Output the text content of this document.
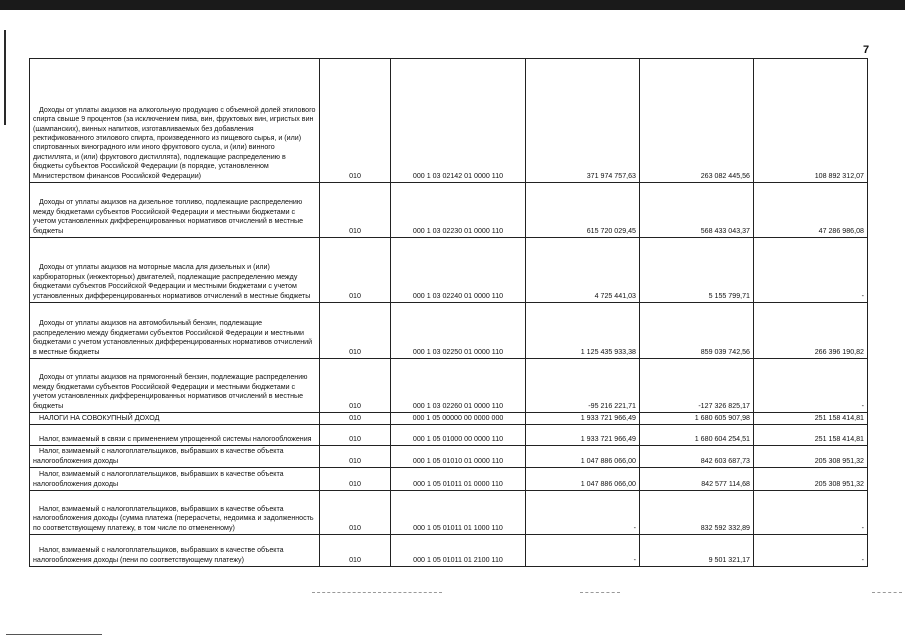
7
Доходы от уплаты акцизов на алкогольную продукцию с объемной долей этилового спирта свыше 9 процентов (за исключением пива, вин, фруктовых вин, игристых вин (шампанских), винных напитков, изготавливаемых без добавления ректификованного этилового спирта, произведенного из пищевого сырья, и (или) спиртованных виноградного или иного фруктового сусла, и (или) винного дистиллята, и (или) фруктового дистиллята), подлежащие распределению в бюджеты субъектов Российской Федерации (в порядке, установленном Министерством финансов Российской Федерации)	010	000 1 03 02142 01 0000 110	371 974 757,63	263 082 445,56	108 892 312,07
Доходы от уплаты акцизов на дизельное топливо, подлежащие распределению между бюджетами субъектов Российской Федерации и местными бюджетами с учетом установленных дифференцированных нормативов отчислений в местные бюджеты	010	000 1 03 02230 01 0000 110	615 720 029,45	568 433 043,37	47 286 986,08
Доходы от уплаты акцизов на моторные масла для дизельных и (или) карбюраторных (инжекторных) двигателей, подлежащие распределению между бюджетами субъектов Российской Федерации и местными бюджетами с учетом установленных дифференцированных нормативов отчислений в местные бюджеты	010	000 1 03 02240 01 0000 110	4 725 441,03	5 155 799,71	-
Доходы от уплаты акцизов на автомобильный бензин, подлежащие распределению между бюджетами субъектов Российской Федерации и местными бюджетами с учетом установленных дифференцированных нормативов отчислений в местные бюджеты	010	000 1 03 02250 01 0000 110	1 125 435 933,38	859 039 742,56	266 396 190,82
Доходы от уплаты акцизов на прямогонный бензин, подлежащие распределению между бюджетами субъектов Российской Федерации и местными бюджетами с учетом установленных дифференцированных нормативов отчислений в местные бюджеты	010	000 1 03 02260 01 0000 110	-95 216 221,71	-127 326 825,17	-
НАЛОГИ НА СОВОКУПНЫЙ ДОХОД	010	000 1 05 00000 00 0000 000	1 933 721 966,49	1 680 605 907,98	251 158 414,81
Налог, взимаемый в связи с применением упрощенной системы налогообложения	010	000 1 05 01000 00 0000 110	1 933 721 966,49	1 680 604 254,51	251 158 414,81
Налог, взимаемый с налогоплательщиков, выбравших в качестве объекта налогообложения доходы	010	000 1 05 01010 01 0000 110	1 047 886 066,00	842 603 687,73	205 308 951,32
Налог, взимаемый с налогоплательщиков, выбравших в качестве объекта налогообложения доходы	010	000 1 05 01011 01 0000 110	1 047 886 066,00	842 577 114,68	205 308 951,32
Налог, взимаемый с налогоплательщиков, выбравших в качестве объекта налогообложения доходы (сумма платежа (перерасчеты, недоимка и задолженность по соответствующему платежу, в том числе по отмененному)	010	000 1 05 01011 01 1000 110	-	832 592 332,89	-
Налог, взимаемый с налогоплательщиков, выбравших в качестве объекта налогообложения доходы (пени по соответствующему платежу)	010	000 1 05 01011 01 2100 110	-	9 501 321,17	-
